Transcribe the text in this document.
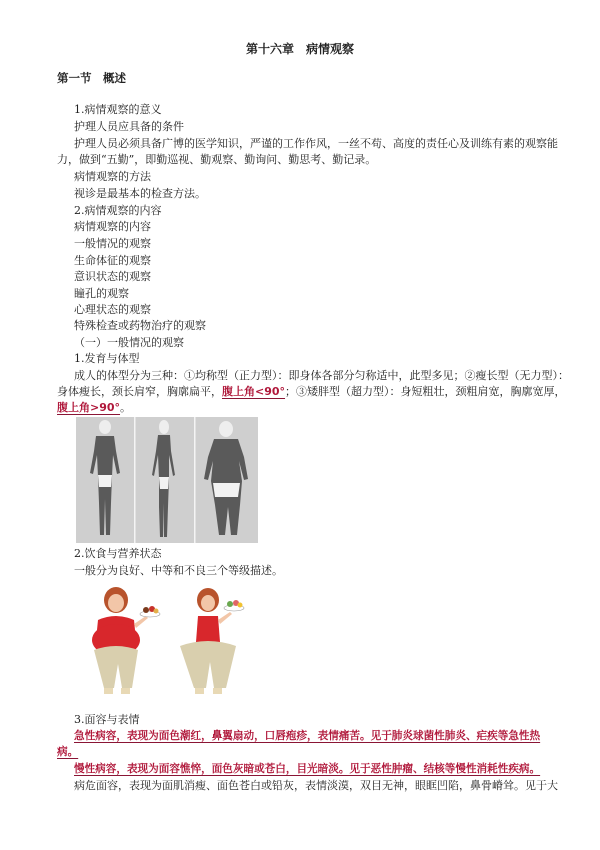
第十六章　病情观察
第一节　概述
1.病情观察的意义
护理人员应具备的条件
护理人员必须具备广博的医学知识，严谨的工作作风，一丝不苟、高度的责任心及训练有素的观察能
力，做到“五勤”，即勤巡视、勤观察、勤询问、勤思考、勤记录。
病情观察的方法
视诊是最基本的检查方法。
2.病情观察的内容
病情观察的内容
一般情况的观察
生命体征的观察
意识状态的观察
瞳孔的观察
心理状态的观察
特殊检查或药物治疗的观察
（一）一般情况的观察
1.发育与体型
成人的体型分为三种：①均称型（正力型）：即身体各部分匀称适中，此型多见；②瘦长型（无力型）：
身体瘦长，颈长肩窄，胸廓扁平，腹上角<90°；③矮胖型（超力型）：身短粗壮，颈粗肩宽，胸廓宽厚，
腹上角>90°。
2.饮食与营养状态
一般分为良好、中等和不良三个等级描述。
3.面容与表情
急性病容，表现为面色潮红，鼻翼扇动，口唇疱疹，表情痛苦。见于肺炎球菌性肺炎、疟疾等急性热
病。
慢性病容，表现为面容憔悴，面色灰暗或苍白，目光暗淡。见于恶性肿瘤、结核等慢性消耗性疾病。
病危面容，表现为面肌消瘦、面色苍白或铅灰，表情淡漠，双目无神，眼眶凹陷，鼻骨嵴耸。见于大
